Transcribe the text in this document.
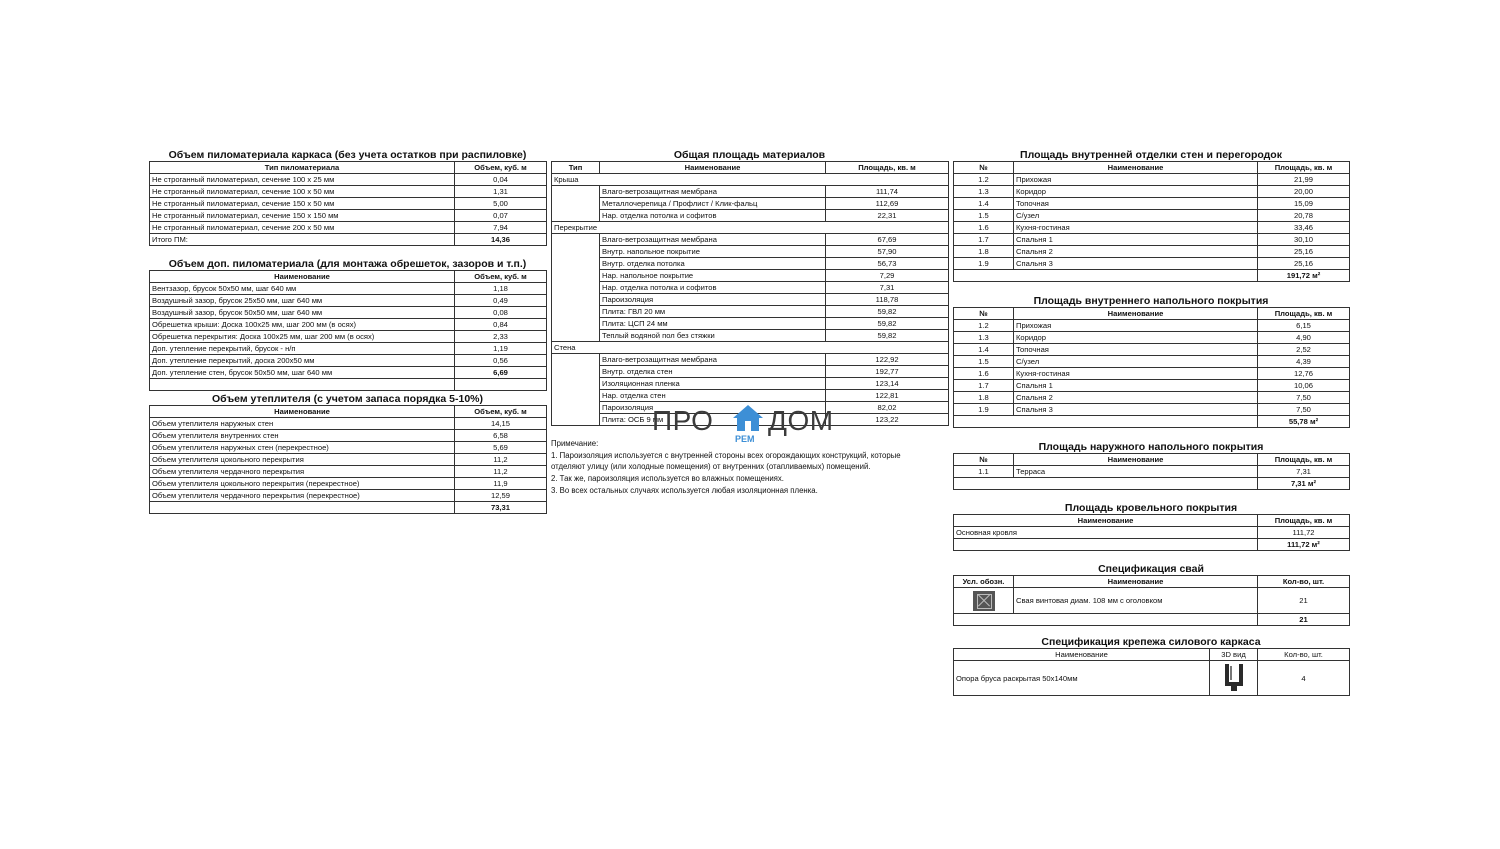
Объем пиломатериала каркаса (без учета остатков при распиловке)
Тип пиломатериала	Объем, куб. м
Не строганный пиломатериал, сечение 100 х 25 мм	0,04
Не строганный пиломатериал, сечение 100 х 50 мм	1,31
Не строганный пиломатериал, сечение 150 х 50 мм	5,00
Не строганный пиломатериал, сечение 150 х 150 мм	0,07
Не строганный пиломатериал, сечение 200 х 50 мм	7,94
Итого ПМ:	14,36
Объем доп. пиломатериала (для монтажа обрешеток, зазоров и т.п.)
Наименование	Объем, куб. м
Вентзазор, брусок 50х50 мм, шаг 640 мм	1,18
Воздушный зазор, брусок 25х50 мм, шаг 640 мм	0,49
Воздушный зазор, брусок 50х50 мм, шаг 640 мм	0,08
Обрешетка крыши: Доска 100х25 мм, шаг 200 мм (в осях)	0,84
Обрешетка перекрытия: Доска 100х25 мм, шаг 200 мм (в осях)	2,33
Доп. утепление перекрытий, брусок - н/п	1,19
Доп. утепление перекрытий, доска 200х50 мм	0,56
Доп. утепление стен, брусок 50х50 мм, шаг 640 мм	6,69

Объем утеплителя (с учетом запаса порядка 5-10%)
Наименование	Объем, куб. м
Объем утеплителя наружных стен	14,15
Объем утеплителя внутренних стен	6,58
Объем утеплителя наружных стен (перекрестное)	5,69
Объем утеплителя цокольного перекрытия	11,2
Объем утеплителя чердачного перекрытия	11,2
Объем утеплителя цокольного перекрытия (перекрестное)	11,9
Объем утеплителя чердачного перекрытия (перекрестное)	12,59
	73,31
Общая площадь материалов
Тип	Наименование	Площадь, кв. м
Крыша		
	Влаго-ветрозащитная мембрана	111,74
	Металлочерепица / Профлист / Клик-фальц	112,69
	Нар. отделка потолка и софитов	22,31
Перекрытие		
	Влаго-ветрозащитная мембрана	67,69
	Внутр. напольное покрытие	57,90
	Внутр. отделка потолка	56,73
	Нар. напольное покрытие	7,29
	Нар. отделка потолка и софитов	7,31
	Пароизоляция	118,78
	Плита: ГВЛ 20 мм	59,82
	Плита: ЦСП 24 мм	59,82
	Теплый водяной пол без стяжки	59,82
Стена		
	Влаго-ветрозащитная мембрана	122,92
	Внутр. отделка стен	192,77
	Изоляционная пленка	123,14
	Нар. отделка стен	122,81
	Пароизоляция	82,02
	Плита: ОСБ 9 мм	123,22
ПРО
РЕМ
ДОМ
Примечание:
1. Пароизоляция используется с внутренней стороны всех огорождающих конструкций, которые
отделяют улицу (или холодные помещения) от внутренних (отапливаемых) помещений.
2. Так же, пароизоляция используется во влажных помещениях.
3. Во всех остальных случаях используется любая изоляционная пленка.
Площадь внутренней отделки стен и перегородок
№	Наименование	Площадь, кв. м
1.2	Прихожая	21,99
1.3	Коридор	20,00
1.4	Топочная	15,09
1.5	С/узел	20,78
1.6	Кухня-гостиная	33,46
1.7	Спальня 1	30,10
1.8	Спальня 2	25,16
1.9	Спальня 3	25,16
		191,72 м²
Площадь внутреннего напольного покрытия
№	Наименование	Площадь, кв. м
1.2	Прихожая	6,15
1.3	Коридор	4,90
1.4	Топочная	2,52
1.5	С/узел	4,39
1.6	Кухня-гостиная	12,76
1.7	Спальня 1	10,06
1.8	Спальня 2	7,50
1.9	Спальня 3	7,50
		55,78 м²
Площадь наружного напольного покрытия
№	Наименование	Площадь, кв. м
1.1	Терраса	7,31
		7,31 м²
Площадь кровельного покрытия
Наименование	Площадь, кв. м
Основная кровля	111,72
	111,72 м²
Спецификация свай
Усл. обозн.	Наименование	Кол-во, шт.

	Свая винтовая диам. 108 мм с оголовком	21
		21
Спецификация крепежа силового каркаса
Наименование	3D вид	Кол-во, шт.
Опора бруса раскрытая 50х140мм		4
